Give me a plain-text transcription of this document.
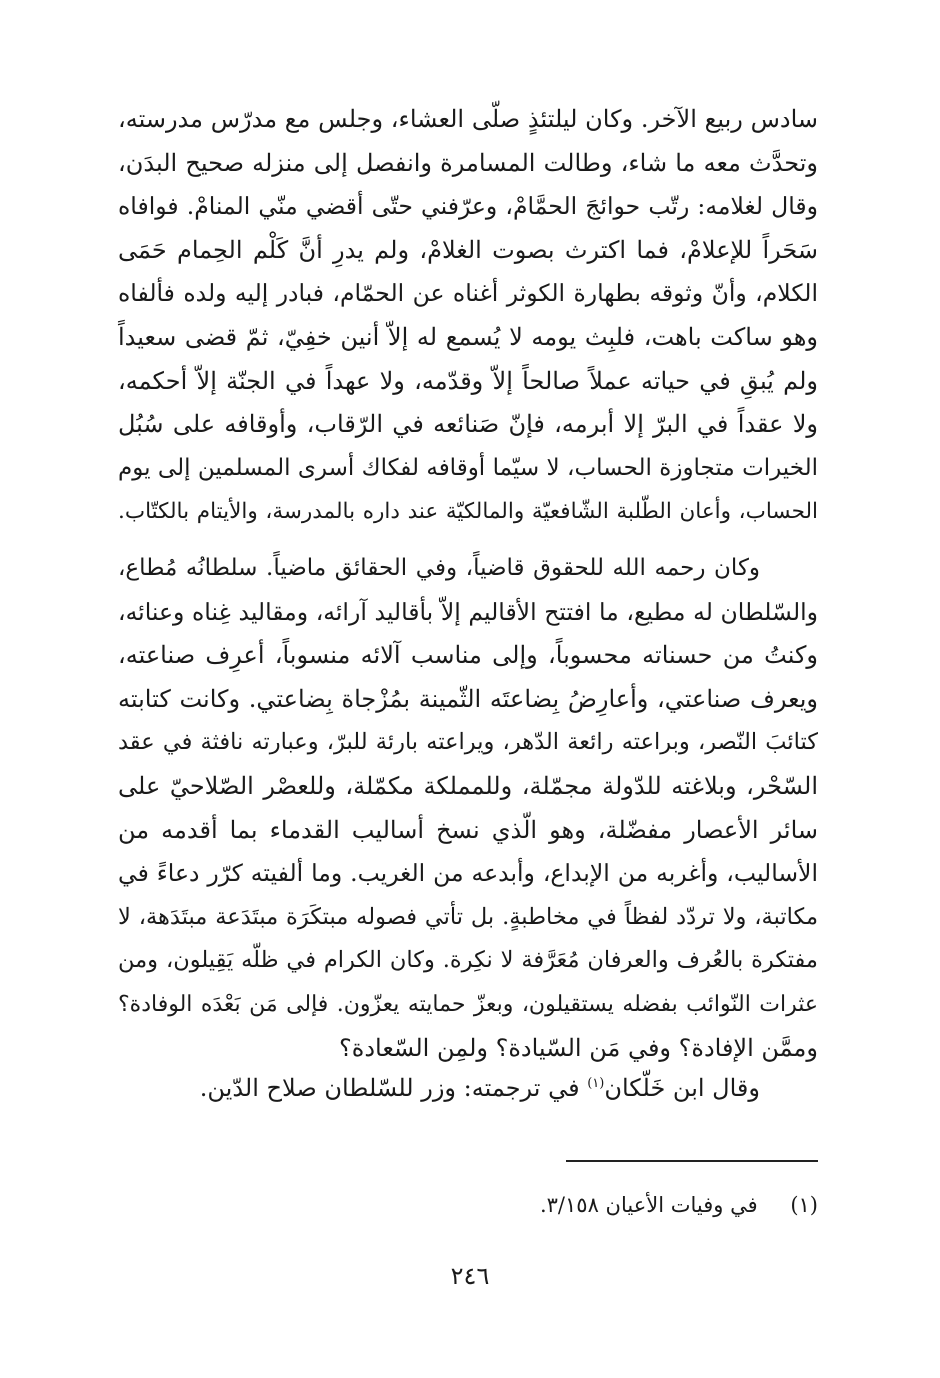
سادس ربيع الآخر. وكان ليلتئذٍ صلّى العشاء، وجلس مع مدرّس مدرسته،
وتحدَّث معه ما شاء، وطالت المسامرة وانفصل إلى منزله صحيح البدَن،
وقال لغلامه: رتّب حوائجَ الحمَّامْ، وعرّفني حتّى أقضي منّي المنامْ. فوافاه
سَحَراً للإعلامْ، فما اكترث بصوت الغلامْ، ولم يدرِ أنَّ كَلْم الحِمام حَمَى
الكلام، وأنّ وثوقه بطهارة الكوثر أغناه عن الحمّام، فبادر إليه ولده فألفاه
وهو ساكت باهت، فلبِث يومه لا يُسمع له إلاّ أنين خفِيّ، ثمّ قضى سعيداً
ولم يُبقِ في حياته عملاً صالحاً إلاّ وقدّمه، ولا عهداً في الجنّة إلاّ أحكمه،
ولا عقداً في البرّ إلا أبرمه، فإنّ صَنائعه في الرّقاب، وأوقافه على سُبُل
الخيرات متجاوزة الحساب، لا سيّما أوقافه لفكاك أسرى المسلمين إلى يوم
الحساب، وأعان الطّلبة الشّافعيّة والمالكيّة عند داره بالمدرسة، والأيتام بالكتّاب.
وكان رحمه الله للحقوق قاضياً، وفي الحقائق ماضياً. سلطانُه مُطاع،
والسّلطان له مطيع، ما افتتح الأقاليم إلاّ بأقاليد آرائه، ومقاليد غِناه وعنائه،
وكنتُ من حسناته محسوباً، وإلى مناسب آلائه منسوباً، أعرِف صناعته،
ويعرف صناعتي، وأعارِضُ بِضاعتَه الثّمينة بمُزْجاة بِضاعتي. وكانت كتابته
كتائبَ النّصر، وبراعته رائعة الدّهر، ويراعته بارئة للبرّ، وعبارته نافثة في عقد
السّحْر، وبلاغته للدّولة مجمّلة، وللمملكة مكمّلة، وللعصْر الصّلاحيّ على
سائر الأعصار مفضّلة، وهو الّذي نسخ أساليب القدماء بما أقدمه من
الأساليب، وأغربه من الإبداع، وأبدعه من الغريب. وما ألفيته كرّر دعاءً في
مكاتبة، ولا تردّد لفظاً في مخاطبةٍ. بل تأتي فصوله مبتكَرَة مبتَدَعة مبتَدَهة، لا
مفتكرة بالعُرف والعرفان مُعَرَّفة لا نكِرة. وكان الكرام في ظلّه يَقِيلون، ومن
عثرات النّوائب بفضله يستقيلون، وبعزّ حمايته يعزّون. فإلى مَن بَعْدَه الوفادة؟
وممَّن الإفادة؟ وفي مَن السّيادة؟ ولمِن السّعادة؟
وقال ابن خَلّكان$^{(١)}$ في ترجمته: وزر للسّلطان صلاح الدّين.
(١) في وفيات الأعيان ٣/١٥٨.
٢٤٦
